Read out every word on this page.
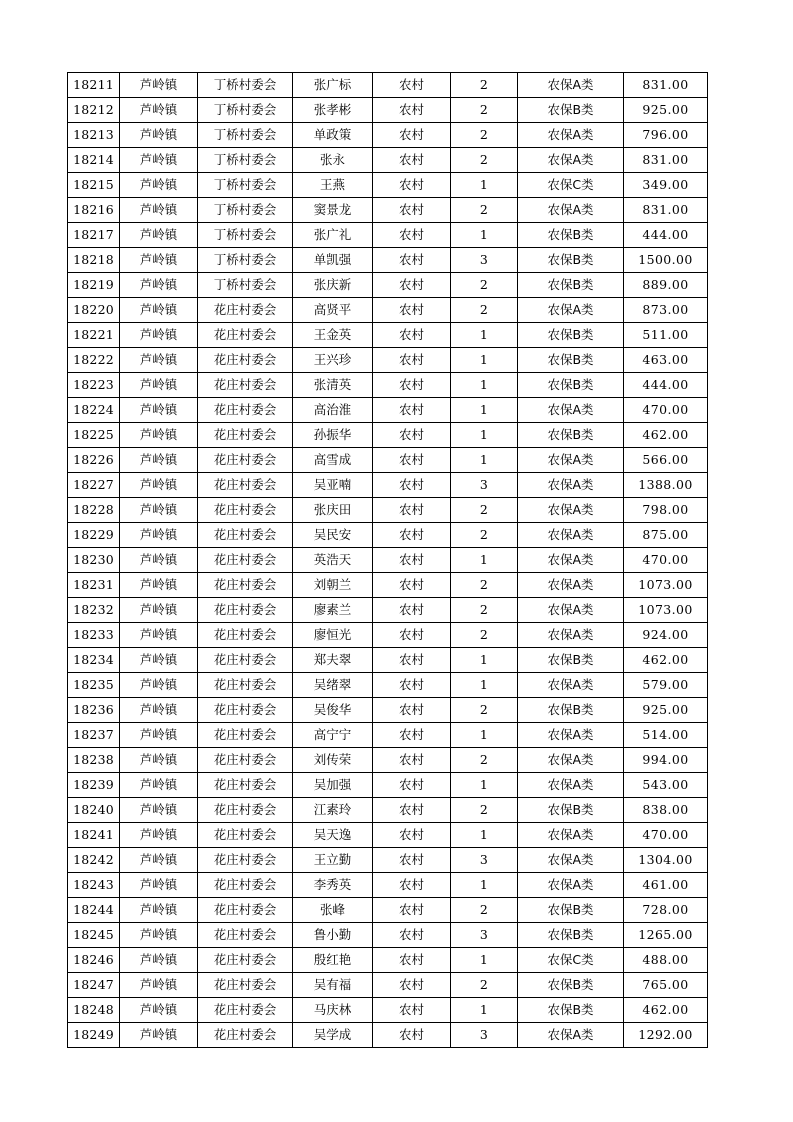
18211	芦岭镇	丁桥村委会	张广标	农村	2	农保A类	831.00
18212	芦岭镇	丁桥村委会	张孝彬	农村	2	农保B类	925.00
18213	芦岭镇	丁桥村委会	单政策	农村	2	农保A类	796.00
18214	芦岭镇	丁桥村委会	张永	农村	2	农保A类	831.00
18215	芦岭镇	丁桥村委会	王燕	农村	1	农保C类	349.00
18216	芦岭镇	丁桥村委会	窦景龙	农村	2	农保A类	831.00
18217	芦岭镇	丁桥村委会	张广礼	农村	1	农保B类	444.00
18218	芦岭镇	丁桥村委会	单凯强	农村	3	农保B类	1500.00
18219	芦岭镇	丁桥村委会	张庆新	农村	2	农保B类	889.00
18220	芦岭镇	花庄村委会	高贤平	农村	2	农保A类	873.00
18221	芦岭镇	花庄村委会	王金英	农村	1	农保B类	511.00
18222	芦岭镇	花庄村委会	王兴珍	农村	1	农保B类	463.00
18223	芦岭镇	花庄村委会	张清英	农村	1	农保B类	444.00
18224	芦岭镇	花庄村委会	高治淮	农村	1	农保A类	470.00
18225	芦岭镇	花庄村委会	孙振华	农村	1	农保B类	462.00
18226	芦岭镇	花庄村委会	高雪成	农村	1	农保A类	566.00
18227	芦岭镇	花庄村委会	吴亚喃	农村	3	农保A类	1388.00
18228	芦岭镇	花庄村委会	张庆田	农村	2	农保A类	798.00
18229	芦岭镇	花庄村委会	吴民安	农村	2	农保A类	875.00
18230	芦岭镇	花庄村委会	英浩天	农村	1	农保A类	470.00
18231	芦岭镇	花庄村委会	刘朝兰	农村	2	农保A类	1073.00
18232	芦岭镇	花庄村委会	廖素兰	农村	2	农保A类	1073.00
18233	芦岭镇	花庄村委会	廖恒光	农村	2	农保A类	924.00
18234	芦岭镇	花庄村委会	郑夫翠	农村	1	农保B类	462.00
18235	芦岭镇	花庄村委会	吴绪翠	农村	1	农保A类	579.00
18236	芦岭镇	花庄村委会	吴俊华	农村	2	农保B类	925.00
18237	芦岭镇	花庄村委会	高宁宁	农村	1	农保A类	514.00
18238	芦岭镇	花庄村委会	刘传荣	农村	2	农保A类	994.00
18239	芦岭镇	花庄村委会	吴加强	农村	1	农保A类	543.00
18240	芦岭镇	花庄村委会	江素玲	农村	2	农保B类	838.00
18241	芦岭镇	花庄村委会	吴天逸	农村	1	农保A类	470.00
18242	芦岭镇	花庄村委会	王立勤	农村	3	农保A类	1304.00
18243	芦岭镇	花庄村委会	李秀英	农村	1	农保A类	461.00
18244	芦岭镇	花庄村委会	张峰	农村	2	农保B类	728.00
18245	芦岭镇	花庄村委会	鲁小勤	农村	3	农保B类	1265.00
18246	芦岭镇	花庄村委会	殷红艳	农村	1	农保C类	488.00
18247	芦岭镇	花庄村委会	吴有福	农村	2	农保B类	765.00
18248	芦岭镇	花庄村委会	马庆林	农村	1	农保B类	462.00
18249	芦岭镇	花庄村委会	吴学成	农村	3	农保A类	1292.00
